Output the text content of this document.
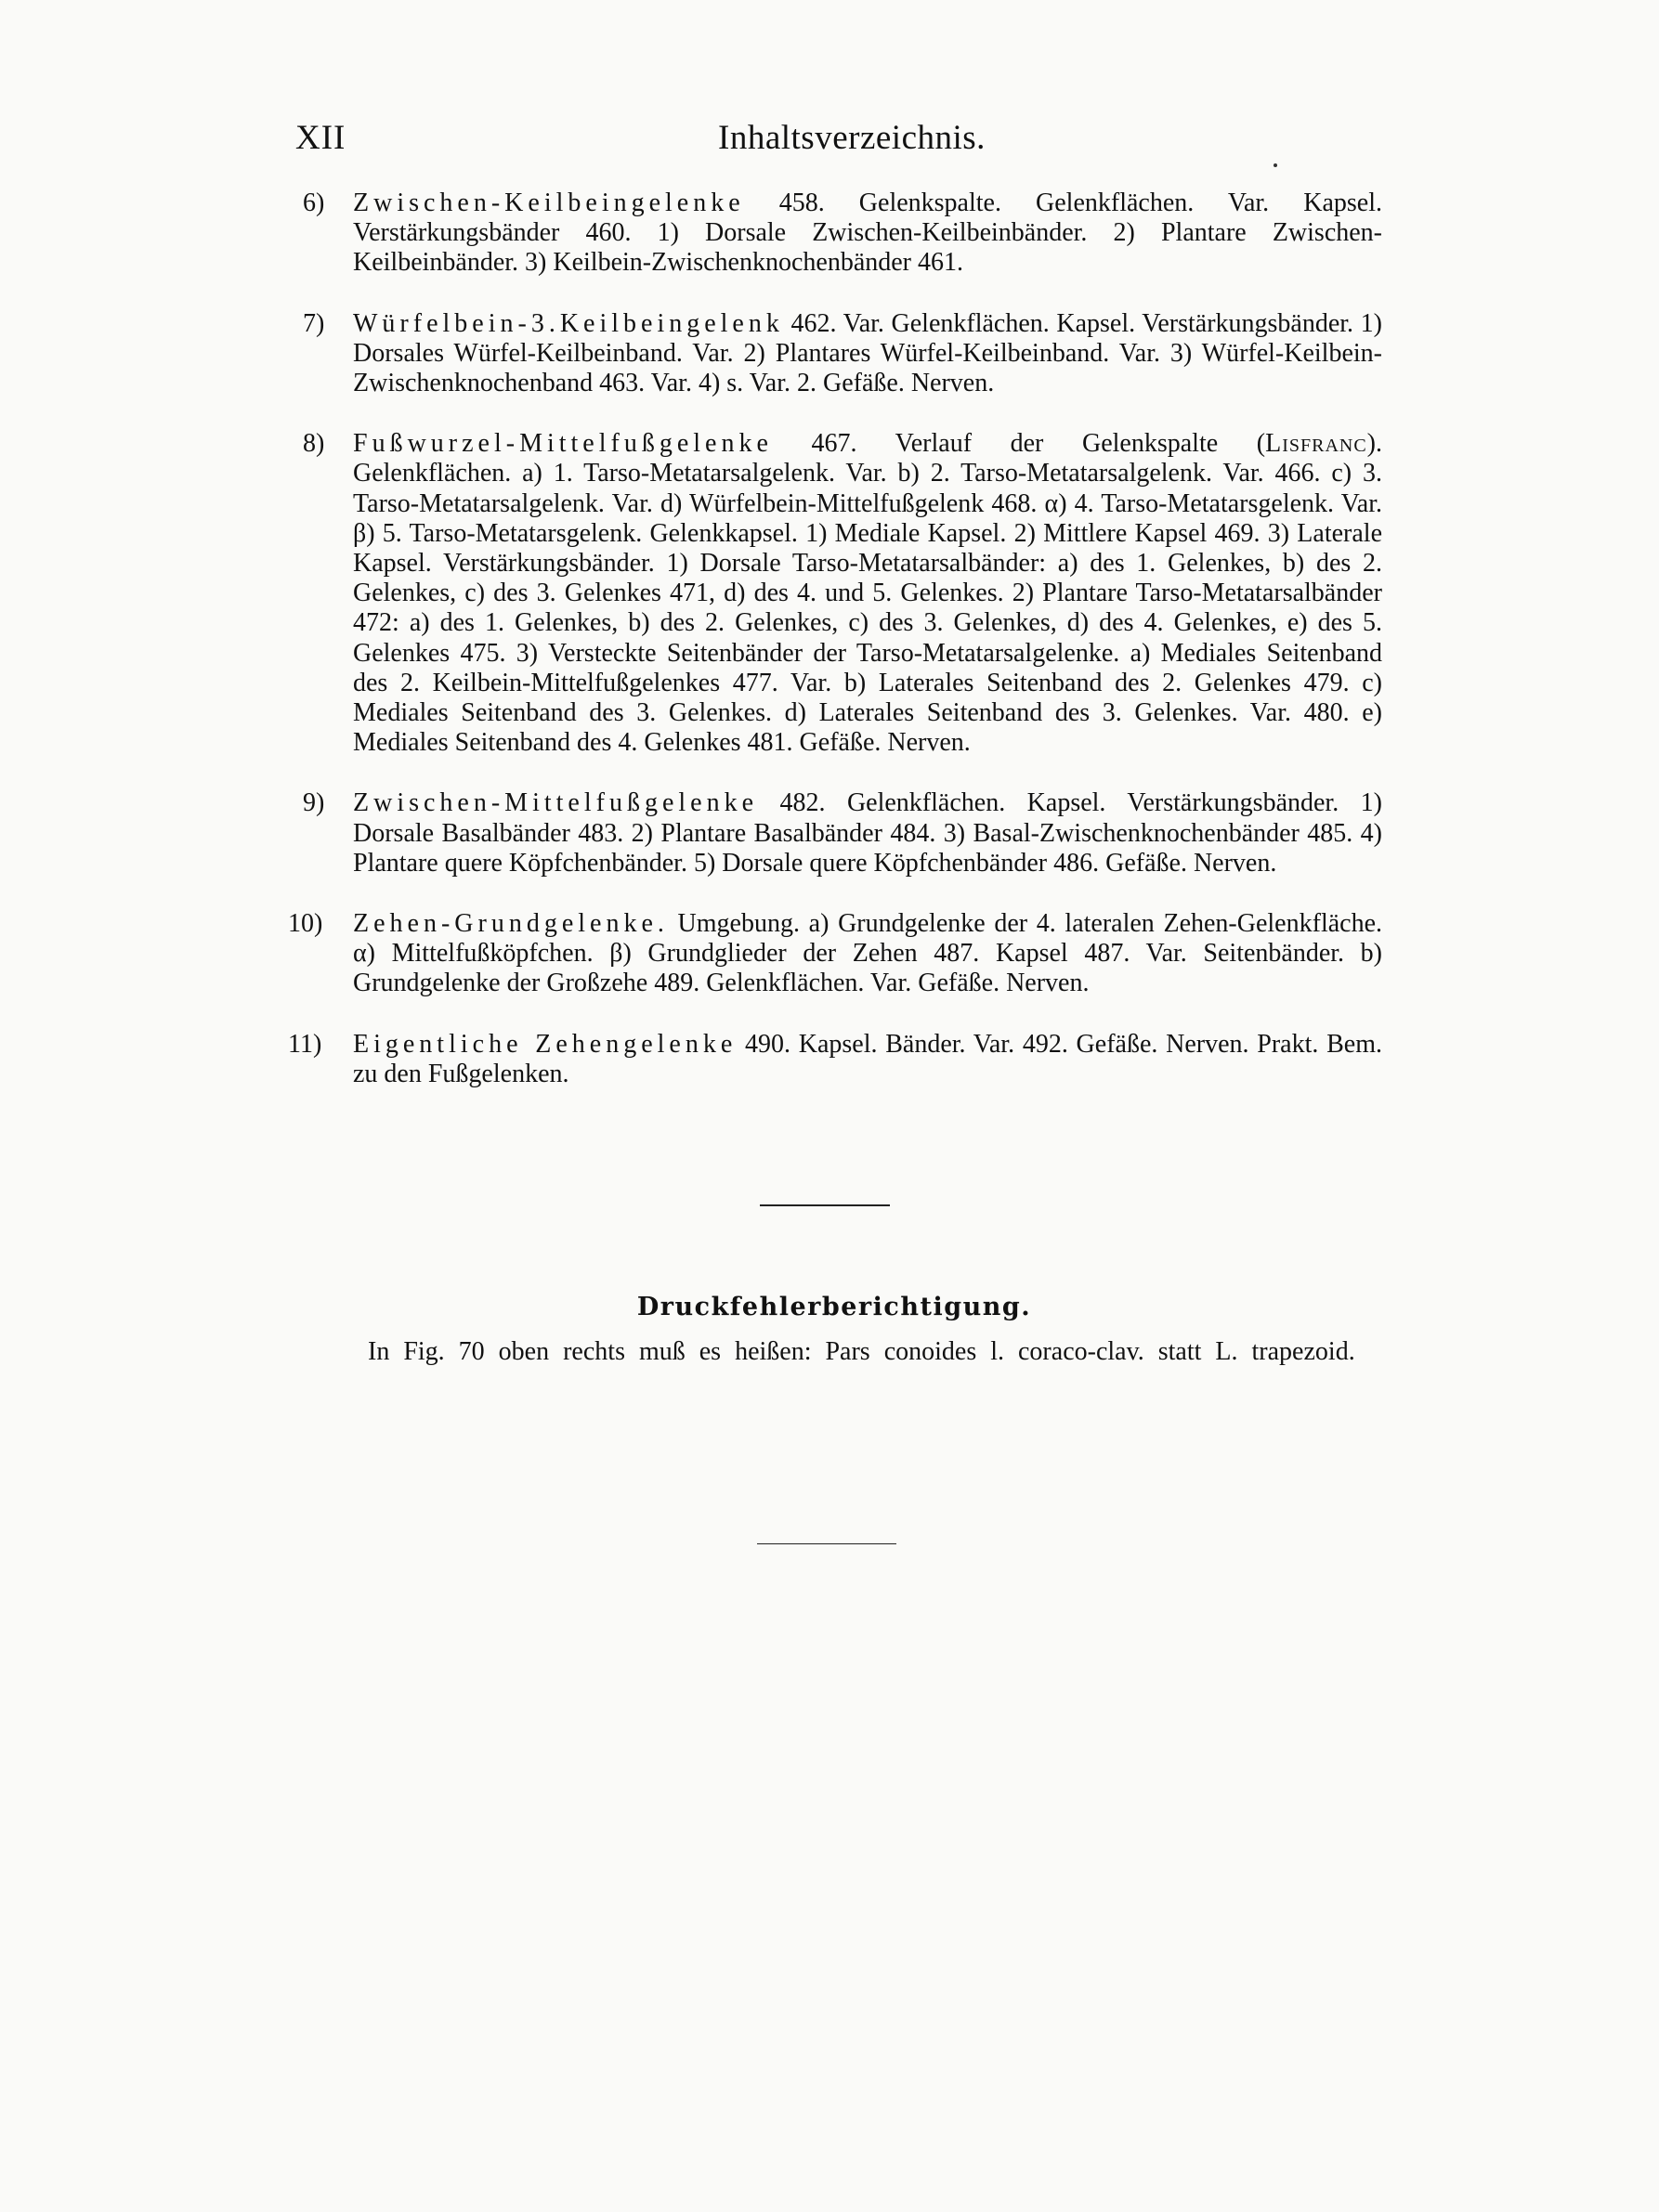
XII	Inhaltsverzeichnis.
6)	Zwischen-Keilbeingelenke 458. Gelenkspalte. Gelenkflächen. Var. Kapsel. Verstärkungsbänder 460. 1) Dorsale Zwischen-Keilbeinbänder. 2) Plantare Zwischen-Keilbeinbänder. 3) Keilbein-Zwischenknochenbänder 461.
7)	Würfelbein-3.Keilbeingelenk 462. Var. Gelenkflächen. Kapsel. Verstärkungsbänder. 1) Dorsales Würfel-Keilbeinband. Var. 2) Plantares Würfel-Keilbeinband. Var. 3) Würfel-Keilbein-Zwischenknochenband 463. Var. 4) s. Var. 2. Gefäße. Nerven.
8)	Fußwurzel-Mittelfußgelenke 467. Verlauf der Gelenkspalte (Lisfranc). Gelenkflächen. a) 1. Tarso-Metatarsalgelenk. Var. b) 2. Tarso-Metatarsalgelenk. Var. 466. c) 3. Tarso-Metatarsalgelenk. Var. d) Würfelbein-Mittelfußgelenk 468. α) 4. Tarso-Metatarsgelenk. Var. β) 5. Tarso-Metatarsgelenk. Gelenkkapsel. 1) Mediale Kapsel. 2) Mittlere Kapsel 469. 3) Laterale Kapsel. Verstärkungsbänder. 1) Dorsale Tarso-Metatarsalbänder: a) des 1. Gelenkes, b) des 2. Gelenkes, c) des 3. Gelenkes 471, d) des 4. und 5. Gelenkes. 2) Plantare Tarso-Metatarsalbänder 472: a) des 1. Gelenkes, b) des 2. Gelenkes, c) des 3. Gelenkes, d) des 4. Gelenkes, e) des 5. Gelenkes 475. 3) Versteckte Seitenbänder der Tarso-Metatarsalgelenke. a) Mediales Seitenband des 2. Keilbein-Mittelfußgelenkes 477. Var. b) Laterales Seitenband des 2. Gelenkes 479. c) Mediales Seitenband des 3. Gelenkes. d) Laterales Seitenband des 3. Gelenkes. Var. 480. e) Mediales Seitenband des 4. Gelenkes 481. Gefäße. Nerven.
9)	Zwischen-Mittelfußgelenke 482. Gelenkflächen. Kapsel. Verstärkungsbänder. 1) Dorsale Basalbänder 483. 2) Plantare Basalbänder 484. 3) Basal-Zwischenknochenbänder 485. 4) Plantare quere Köpfchenbänder. 5) Dorsale quere Köpfchenbänder 486. Gefäße. Nerven.
10)	Zehen-Grundgelenke. Umgebung. a) Grundgelenke der 4. lateralen Zehen-Gelenkfläche. α) Mittelfußköpfchen. β) Grundglieder der Zehen 487. Kapsel 487. Var. Seitenbänder. b) Grundgelenke der Großzehe 489. Gelenkflächen. Var. Gefäße. Nerven.
11)	Eigentliche Zehengelenke 490. Kapsel. Bänder. Var. 492. Gefäße. Nerven. Prakt. Bem. zu den Fußgelenken.
Druckfehlerberichtigung.
In Fig. 70 oben rechts muß es heißen: Pars conoides l. coraco-clav. statt L. trapezoid.
